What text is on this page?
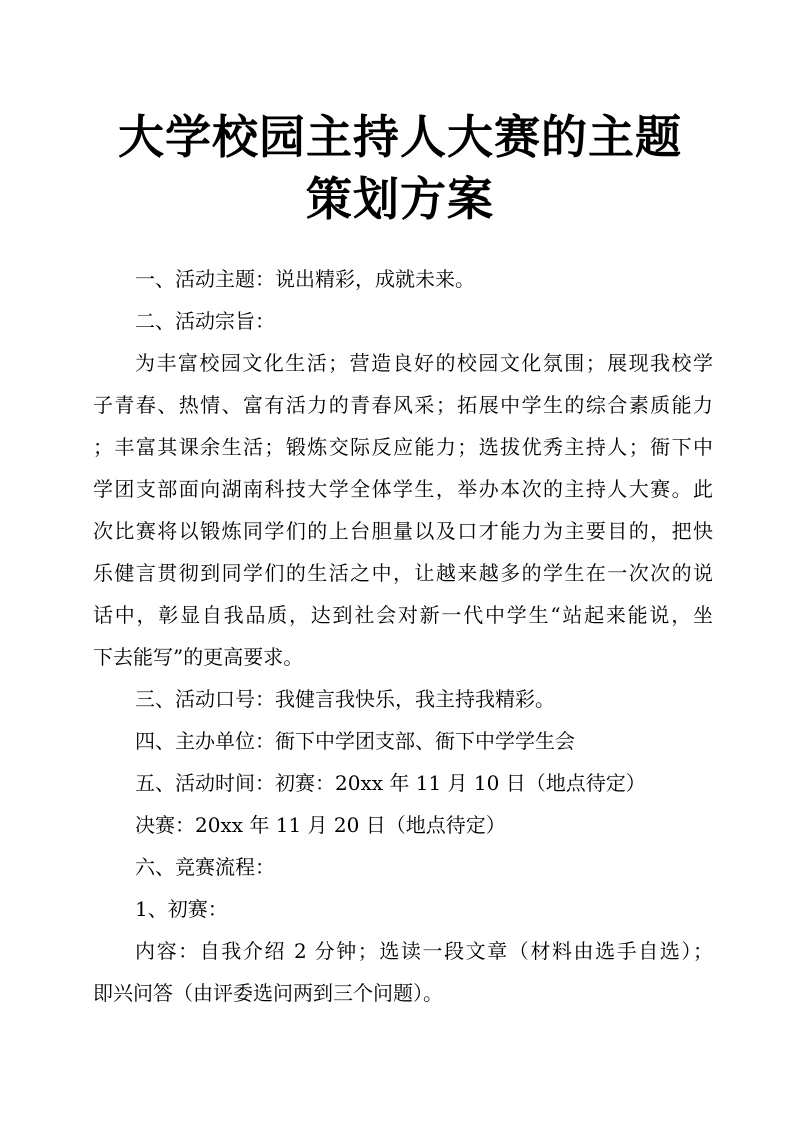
大学校园主持人大赛的主题
策划方案
一、活动主题：说出精彩，成就未来。
二、活动宗旨：
为丰富校园文化生活；营造良好的校园文化氛围；展现我校学
子青春、热情、富有活力的青春风采；拓展中学生的综合素质能力
；丰富其课余生活；锻炼交际反应能力；选拔优秀主持人；衙下中
学团支部面向湖南科技大学全体学生，举办本次的主持人大赛。此
次比赛将以锻炼同学们的上台胆量以及口才能力为主要目的，把快
乐健言贯彻到同学们的生活之中，让越来越多的学生在一次次的说
话中，彰显自我品质，达到社会对新一代中学生“站起来能说，坐
下去能写”的更高要求。
三、活动口号：我健言我快乐，我主持我精彩。
四、主办单位：衙下中学团支部、衙下中学学生会
五、活动时间：初赛：20xx 年 11 月 10 日（地点待定）
决赛：20xx 年 11 月 20 日（地点待定）
六、竞赛流程：
1、初赛：
内容：自我介绍 2 分钟；选读一段文章（材料由选手自选）；
即兴问答（由评委选问两到三个问题）。
